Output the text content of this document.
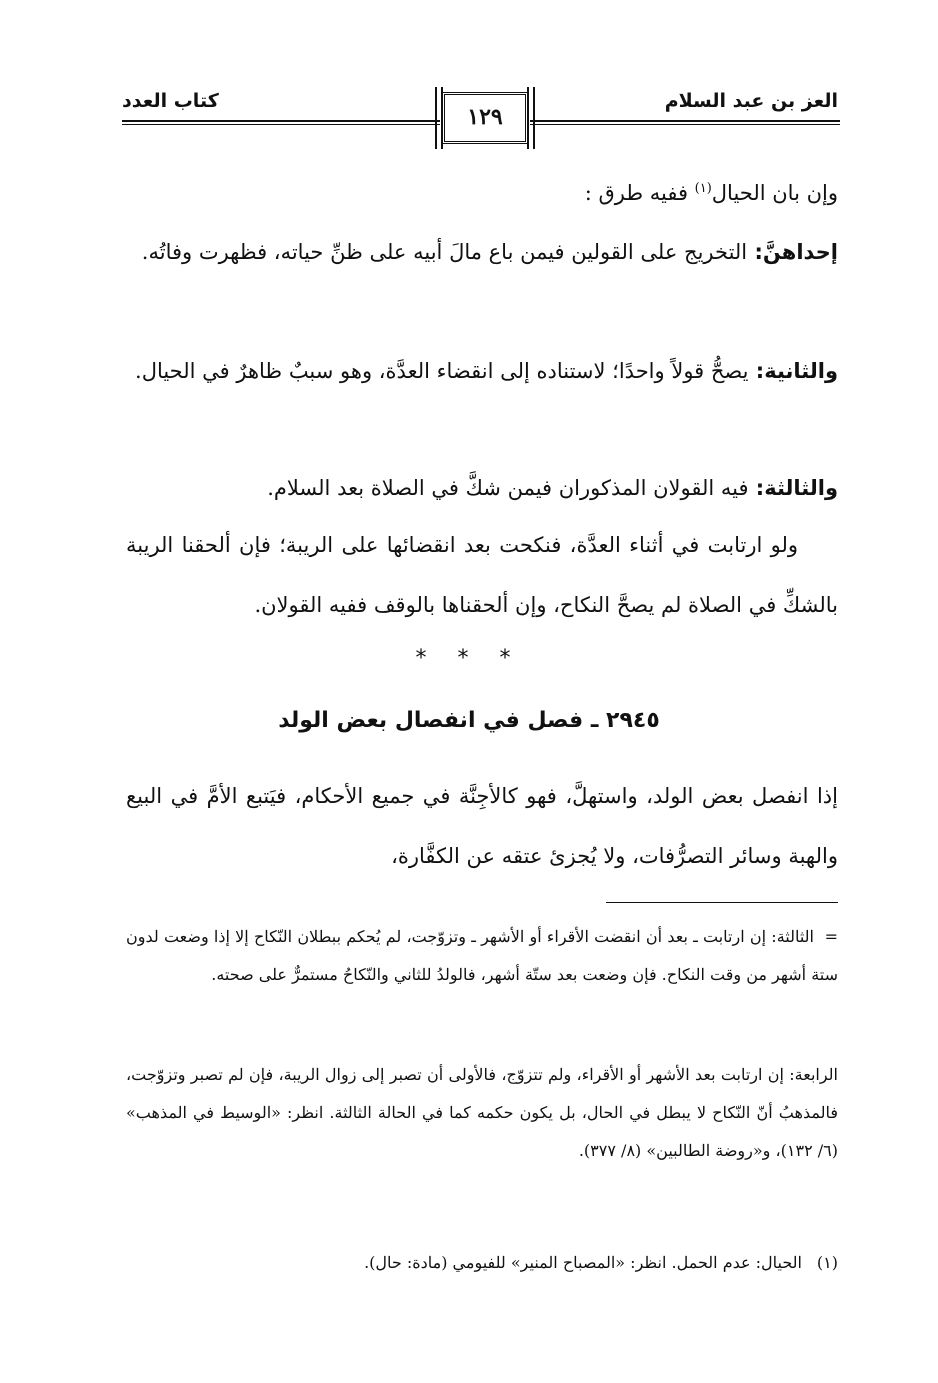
العز بن عبد السلام
كتاب العدد
١٢٩

وإن بان الحيال$^{(١)}$ ففيه طرق :

إحداهنَّ: التخريج على القولين فيمن باع مالَ أبيه على ظنِّ حياته، فظهرت وفاتُه.

والثانية: يصحُّ قولاً واحدًا؛ لاستناده إلى انقضاء العدَّة، وهو سببٌ ظاهرٌ في الحيال.

والثالثة: فيه القولان المذكوران فيمن شكَّ في الصلاة بعد السلام.

ولو ارتابت في أثناء العدَّة، فنكحت بعد انقضائها على الريبة؛ فإن ألحقنا الريبة بالشكِّ في الصلاة لم يصحَّ النكاح، وإن ألحقناها بالوقف ففيه القولان.

* * *
٢٩٤٥ ـ فصل في انفصال بعض الولد

إذا انفصل بعض الولد، واستهلَّ، فهو كالأجِنَّة في جميع الأحكام، فيَتبع الأمَّ في البيع والهبة وسائر التصرُّفات، ولا يُجزئ عتقه عن الكفَّارة،

=الثالثة: إن ارتابت ـ بعد أن انقضت الأقراء أو الأشهر ـ وتزوّجت، لم يُحكم ببطلان النّكاح إلا إذا وضعت لدون ستة أشهر من وقت النكاح. فإن وضعت بعد ستّة أشهر، فالولدُ للثاني والنّكاحُ مستمرٌّ على صحته.

الرابعة: إن ارتابت بعد الأشهر أو الأقراء، ولم تتزوّج، فالأولى أن تصبر إلى زوال الريبة، فإن لم تصبر وتزوّجت، فالمذهبُ أنّ النّكاح لا يبطل في الحال، بل يكون حكمه كما في الحالة الثالثة. انظر: «الوسيط في المذهب» (٦/ ١٣٢)، و«روضة الطالبين» (٨/ ٣٧٧).

(١)الحيال: عدم الحمل. انظر: «المصباح المنير» للفيومي (مادة: حال).
